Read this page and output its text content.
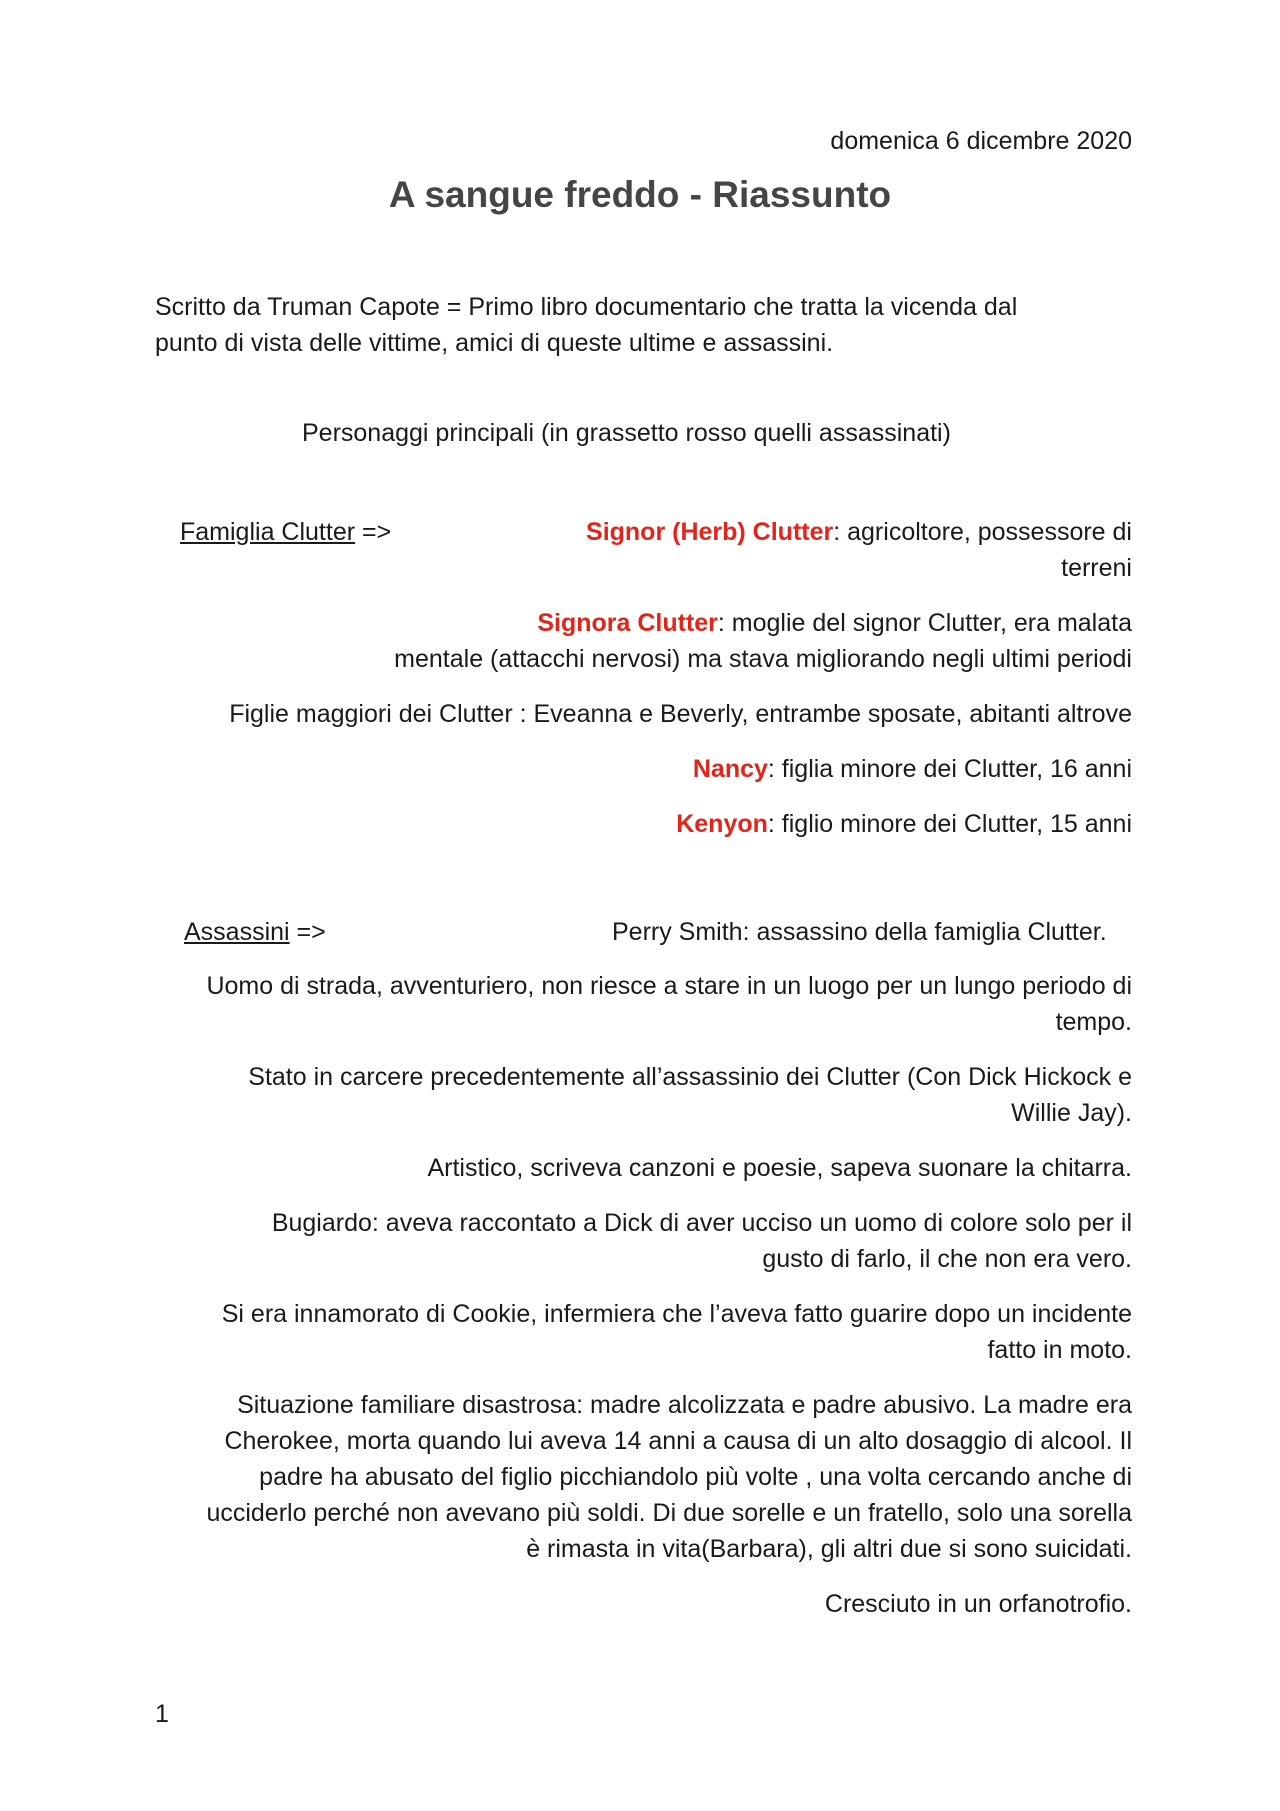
domenica 6 dicembre 2020
A sangue freddo - Riassunto
Scritto da Truman Capote = Primo libro documentario che tratta la vicenda dal
punto di vista delle vittime, amici di queste ultime e assassini.
Personaggi principali (in grassetto rosso quelli assassinati)
Famiglia Clutter =>	Signor (Herb) Clutter: agricoltore, possessore di
terreni
Signora Clutter: moglie del signor Clutter, era malata
mentale (attacchi nervosi) ma stava migliorando negli ultimi periodi
Figlie maggiori dei Clutter : Eveanna e Beverly, entrambe sposate, abitanti altrove
Nancy: figlia minore dei Clutter, 16 anni
Kenyon: figlio minore dei Clutter, 15 anni
Assassini =>	Perry Smith: assassino della famiglia Clutter.
Uomo di strada, avventuriero, non riesce a stare in un luogo per un lungo periodo di
tempo.
Stato in carcere precedentemente all’assassinio dei Clutter (Con Dick Hickock e
Willie Jay).
Artistico, scriveva canzoni e poesie, sapeva suonare la chitarra.
Bugiardo: aveva raccontato a Dick di aver ucciso un uomo di colore solo per il
gusto di farlo, il che non era vero.
Si era innamorato di Cookie, infermiera che l’aveva fatto guarire dopo un incidente
fatto in moto.
Situazione familiare disastrosa: madre alcolizzata e padre abusivo. La madre era
Cherokee, morta quando lui aveva 14 anni a causa di un alto dosaggio di alcool. Il
padre ha abusato del figlio picchiandolo più volte , una volta cercando anche di
ucciderlo perché non avevano più soldi. Di due sorelle e un fratello, solo una sorella
è rimasta in vita(Barbara), gli altri due si sono suicidati.
Cresciuto in un orfanotrofio.
1
